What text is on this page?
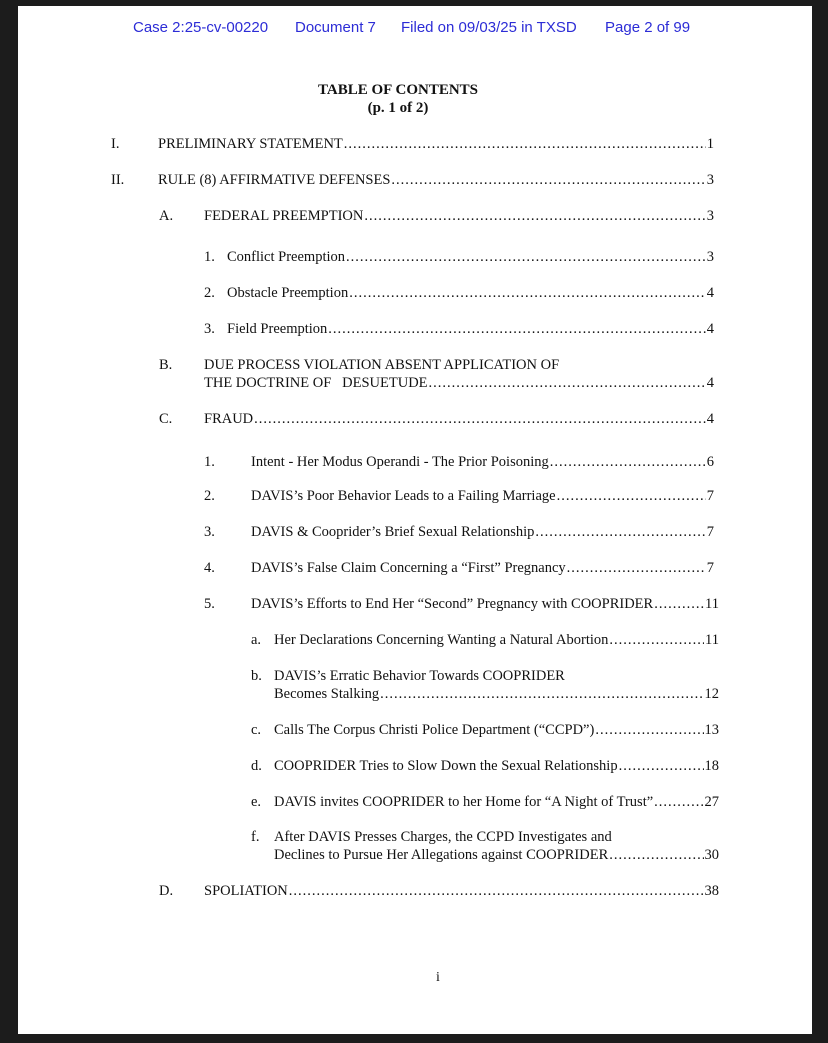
Case 2:25-cv-00220 Document 7 Filed on 09/03/25 in TXSD Page 2 of 99
TABLE OF CONTENTS
(p. 1 of 2)
I.	PRELIMINARY STATEMENT .....	1
II. RULE (8) AFFIRMATIVE DEFENSES .....	3
A. FEDERAL PREEMPTION .....	3
1. Conflict Preemption .....	3
2. Obstacle Preemption .....	4
3. Field Preemption .....	4
B. DUE PROCESS VIOLATION ABSENT APPLICATION OF
THE DOCTRINE OF   DESUETUDE .....	4
C. FRAUD .....	4
1. Intent - Her Modus Operandi - The Prior Poisoning .....	6
2. DAVIS’s Poor Behavior Leads to a Failing Marriage .....	7
3. DAVIS & Cooprider’s Brief Sexual Relationship .....	7
4. DAVIS’s False Claim Concerning a “First” Pregnancy .....	7
5. DAVIS’s Efforts to End Her “Second” Pregnancy with COOPRIDER .....	11
a. Her Declarations Concerning Wanting a Natural Abortion .....	11
b. DAVIS’s Erratic Behavior Towards COOPRIDER
Becomes Stalking .....	12
c. Calls The Corpus Christi Police Department (“CCPD”) .....	13
d. COOPRIDER Tries to Slow Down the Sexual Relationship .....	18
e. DAVIS invites COOPRIDER to her Home for “A Night of Trust” .....	27
f. After DAVIS Presses Charges, the CCPD Investigates and
Declines to Pursue Her Allegations against COOPRIDER .....	30
D. SPOLIATION .....	38
i
